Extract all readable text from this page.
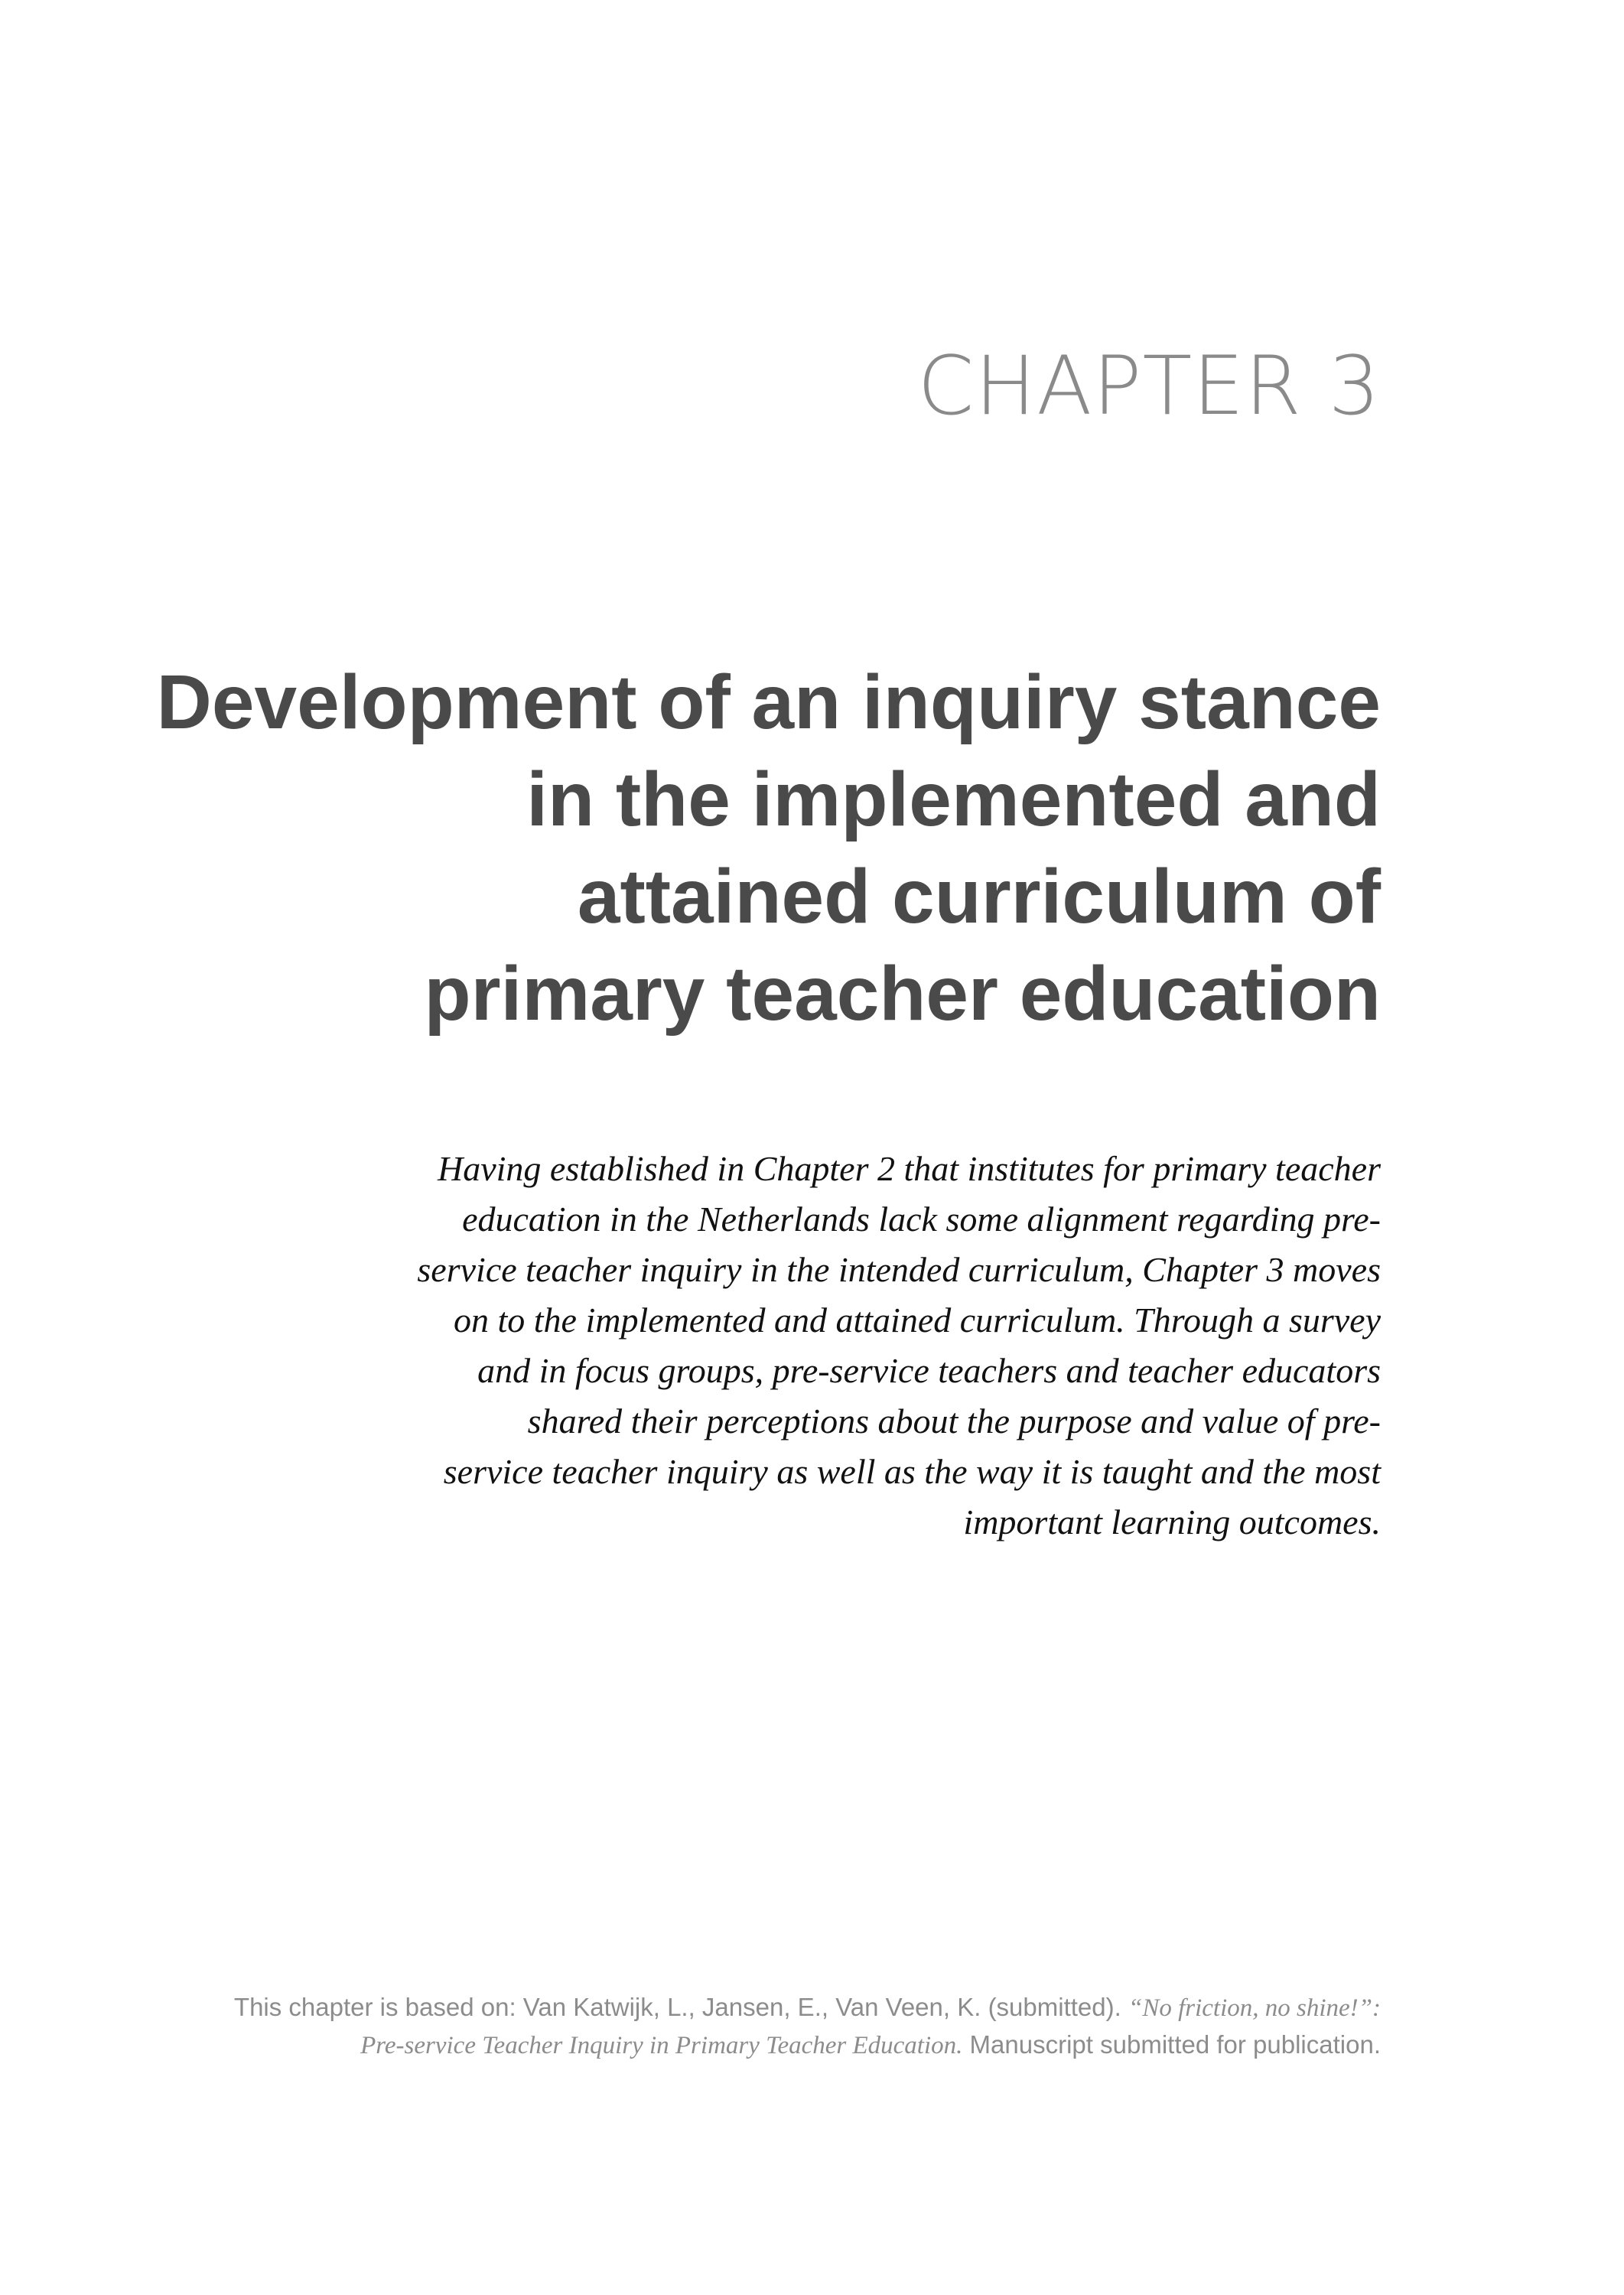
CHAPTER 3
Development of an inquiry stance
in the implemented and
attained curriculum of
primary teacher education

Having established in Chapter 2 that institutes for primary teacher
education in the Netherlands lack some alignment regarding pre-
service teacher inquiry in the intended curriculum, Chapter 3 moves
on to the implemented and attained curriculum. Through a survey
and in focus groups, pre-service teachers and teacher educators
shared their perceptions about the purpose and value of pre-
service teacher inquiry as well as the way it is taught and the most
important learning outcomes.

This chapter is based on: Van Katwijk, L., Jansen, E., Van Veen, K. (submitted). “No friction, no shine!”:
Pre-service Teacher Inquiry in Primary Teacher Education. Manuscript submitted for publication.
